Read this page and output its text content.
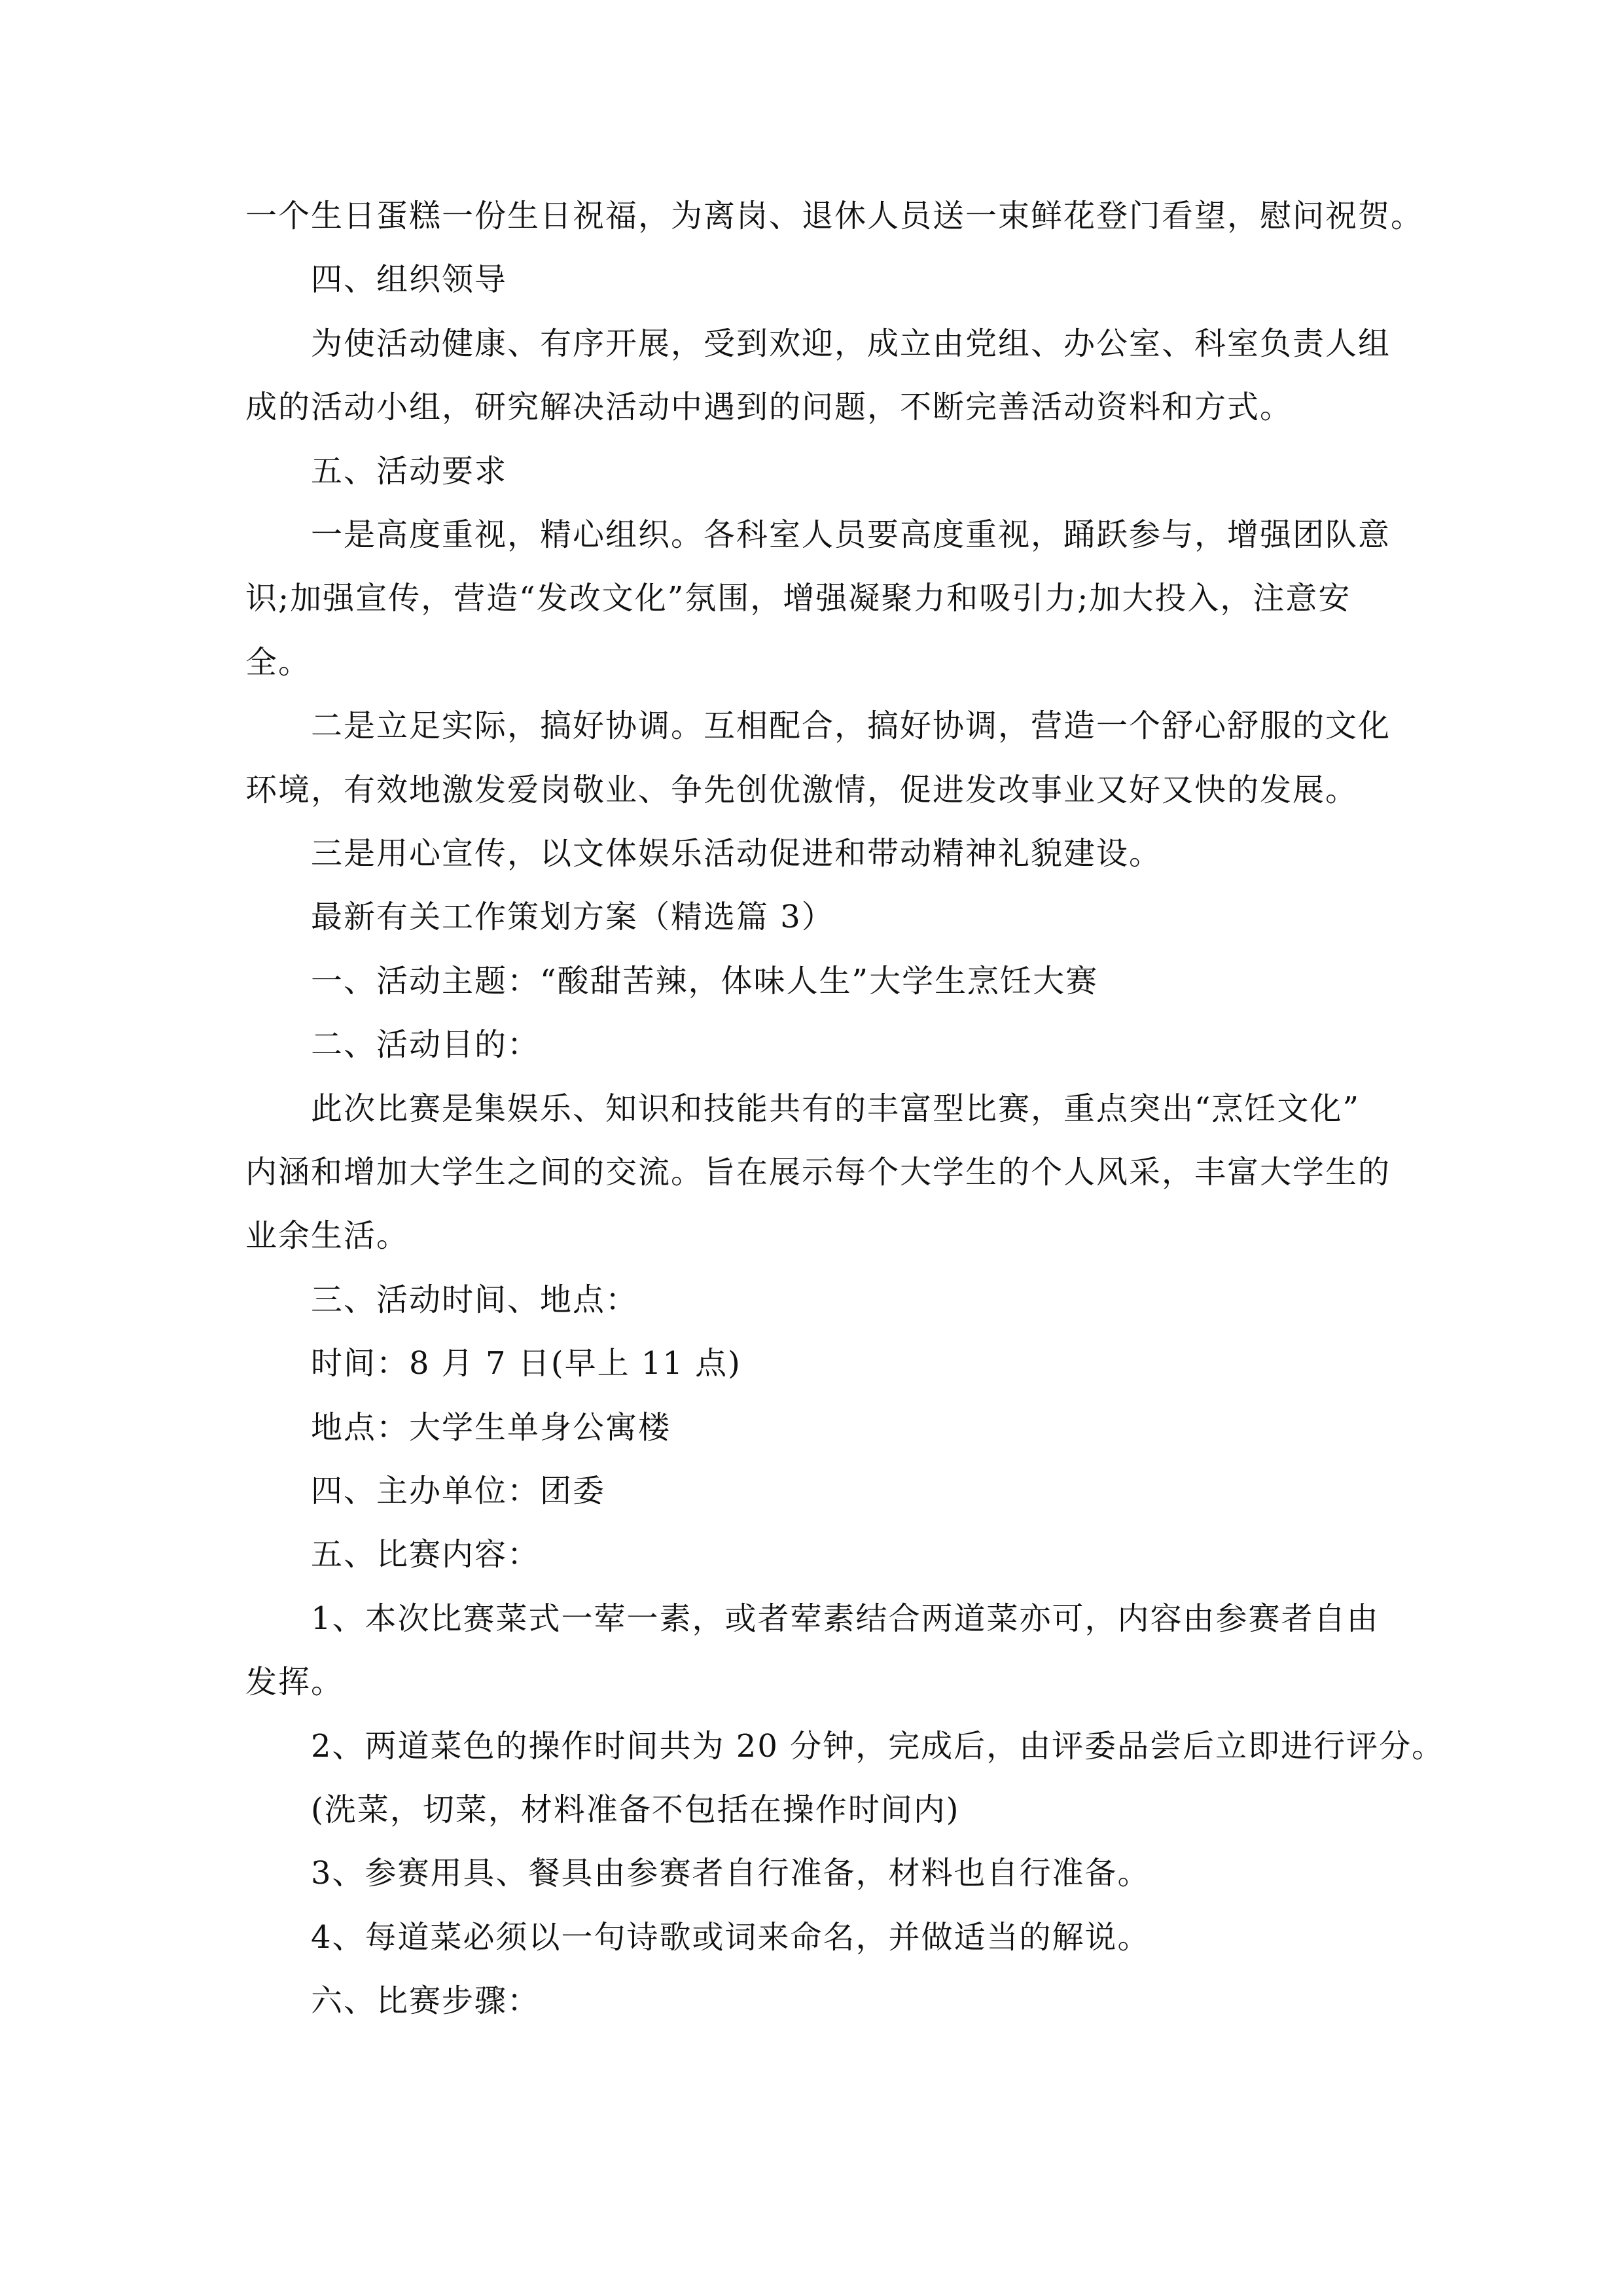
一个生日蛋糕一份生日祝福，为离岗、退休人员送一束鲜花登门看望，慰问祝贺。
四、组织领导
为使活动健康、有序开展，受到欢迎，成立由党组、办公室、科室负责人组
成的活动小组，研究解决活动中遇到的问题，不断完善活动资料和方式。
五、活动要求
一是高度重视，精心组织。各科室人员要高度重视，踊跃参与，增强团队意
识;加强宣传，营造“发改文化”氛围，增强凝聚力和吸引力;加大投入，注意安
全。
二是立足实际，搞好协调。互相配合，搞好协调，营造一个舒心舒服的文化
环境，有效地激发爱岗敬业、争先创优激情，促进发改事业又好又快的发展。
三是用心宣传，以文体娱乐活动促进和带动精神礼貌建设。
最新有关工作策划方案（精选篇 3）
一、活动主题：“酸甜苦辣，体味人生”大学生烹饪大赛
二、活动目的：
此次比赛是集娱乐、知识和技能共有的丰富型比赛，重点突出“烹饪文化”
内涵和增加大学生之间的交流。旨在展示每个大学生的个人风采，丰富大学生的
业余生活。
三、活动时间、地点：
时间：8 月 7 日(早上 11 点)
地点：大学生单身公寓楼
四、主办单位：团委
五、比赛内容：
1、本次比赛菜式一荤一素，或者荤素结合两道菜亦可，内容由参赛者自由
发挥。
2、两道菜色的操作时间共为 20 分钟，完成后，由评委品尝后立即进行评分。
(洗菜，切菜，材料准备不包括在操作时间内)
3、参赛用具、餐具由参赛者自行准备，材料也自行准备。
4、每道菜必须以一句诗歌或词来命名，并做适当的解说。
六、比赛步骤：
